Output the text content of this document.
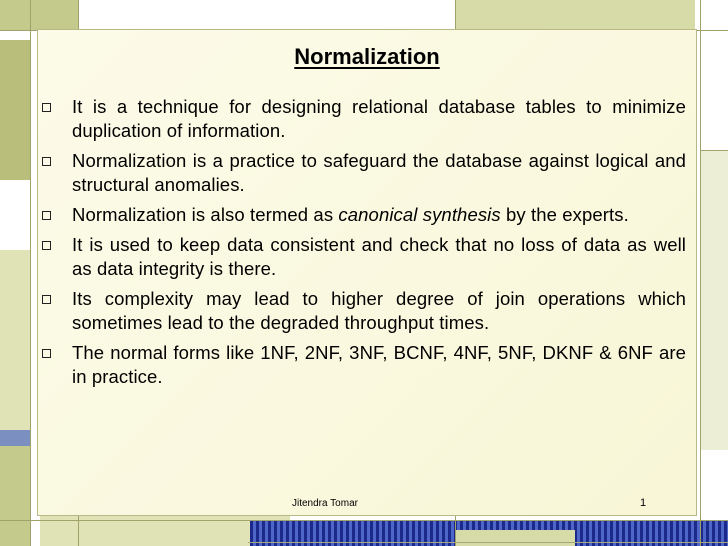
Normalization
It is a technique for designing relational database tables to minimize duplication of information.
Normalization is a practice to safeguard the database against logical and structural anomalies.
Normalization is also termed as canonical synthesis by the experts.
It is used to keep data consistent and check that no loss of data as well as data integrity is there.
Its complexity may lead to higher degree of join operations which sometimes lead to the degraded throughput times.
The normal forms like 1NF, 2NF, 3NF, BCNF, 4NF, 5NF, DKNF & 6NF are in practice.
Jitendra Tomar	1
